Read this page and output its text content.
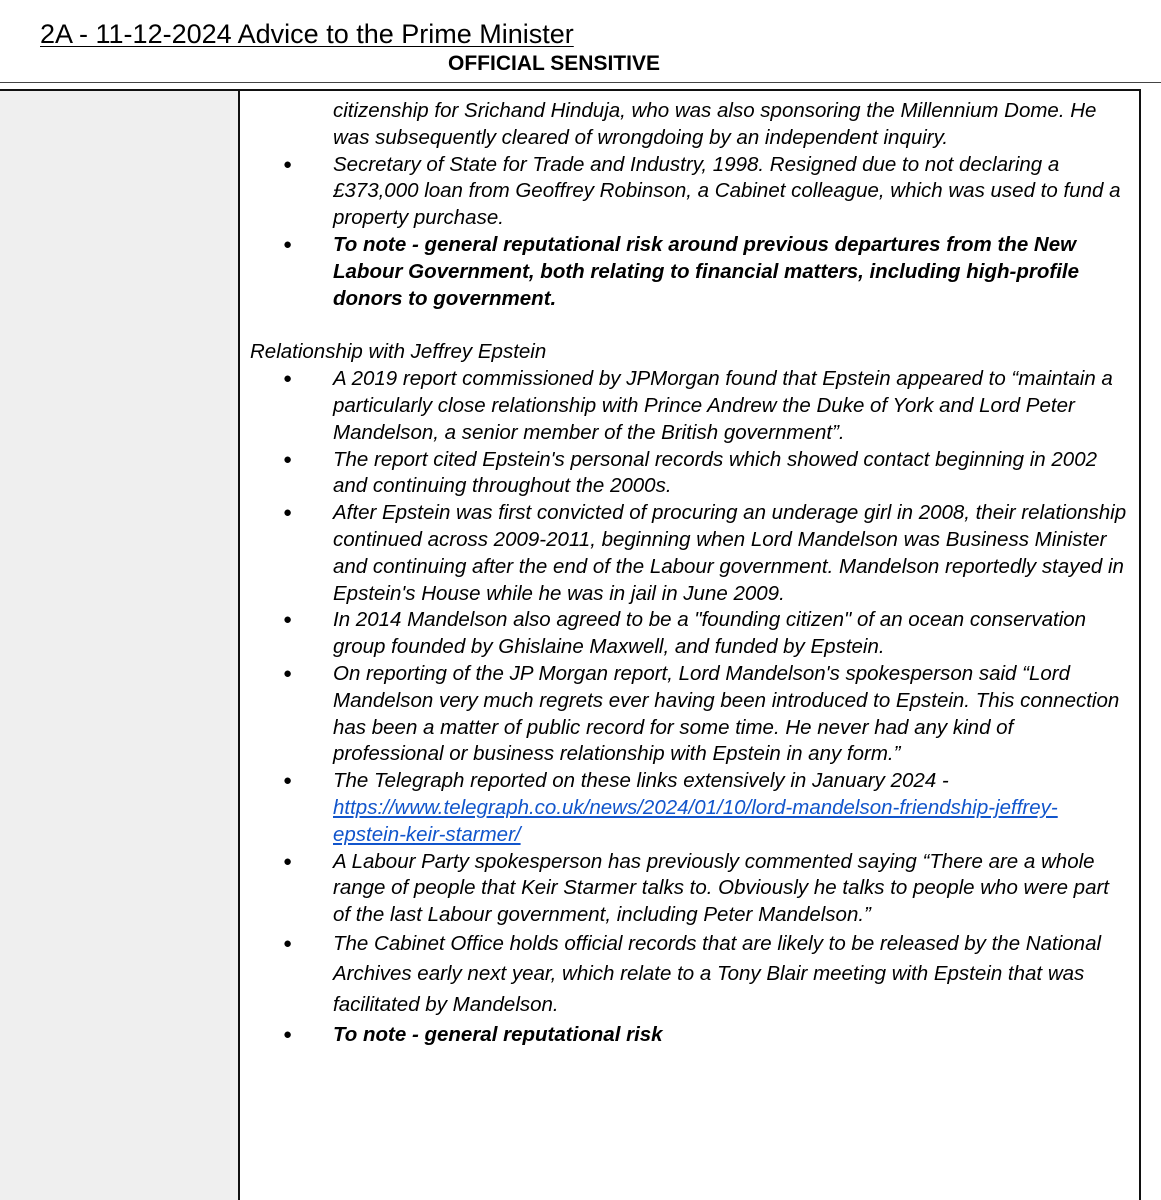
2A - 11-12-2024 Advice to the Prime Minister
OFFICIAL SENSITIVE

citizenship for Srichand Hinduja, who was also sponsoring the Millennium Dome. He was subsequently cleared of wrongdoing by an independent inquiry.

● Secretary of State for Trade and Industry, 1998. Resigned due to not declaring a £373,000 loan from Geoffrey Robinson, a Cabinet colleague, which was used to fund a property purchase.
● To note - general reputational risk around previous departures from the New Labour Government, both relating to financial matters, including high-profile donors to government.

Relationship with Jeffrey Epstein

● A 2019 report commissioned by JPMorgan found that Epstein appeared to “maintain a particularly close relationship with Prince Andrew the Duke of York and Lord Peter Mandelson, a senior member of the British government”.
● The report cited Epstein's personal records which showed contact beginning in 2002 and continuing throughout the 2000s.
● After Epstein was first convicted of procuring an underage girl in 2008, their relationship continued across 2009-2011, beginning when Lord Mandelson was Business Minister and continuing after the end of the Labour government. Mandelson reportedly stayed in Epstein's House while he was in jail in June 2009.
● In 2014 Mandelson also agreed to be a "founding citizen" of an ocean conservation group founded by Ghislaine Maxwell, and funded by Epstein.
● On reporting of the JP Morgan report, Lord Mandelson's spokesperson said “Lord Mandelson very much regrets ever having been introduced to Epstein. This connection has been a matter of public record for some time. He never had any kind of professional or business relationship with Epstein in any form.”
● The Telegraph reported on these links extensively in January 2024 - https://www.telegraph.co.uk/news/2024/01/10/lord-mandelson-friendship-jeffrey-epstein-keir-starmer/
● A Labour Party spokesperson has previously commented saying “There are a whole range of people that Keir Starmer talks to. Obviously he talks to people who were part of the last Labour government, including Peter Mandelson.”
● The Cabinet Office holds official records that are likely to be released by the National Archives early next year, which relate to a Tony Blair meeting with Epstein that was facilitated by Mandelson.
● To note - general reputational risk
